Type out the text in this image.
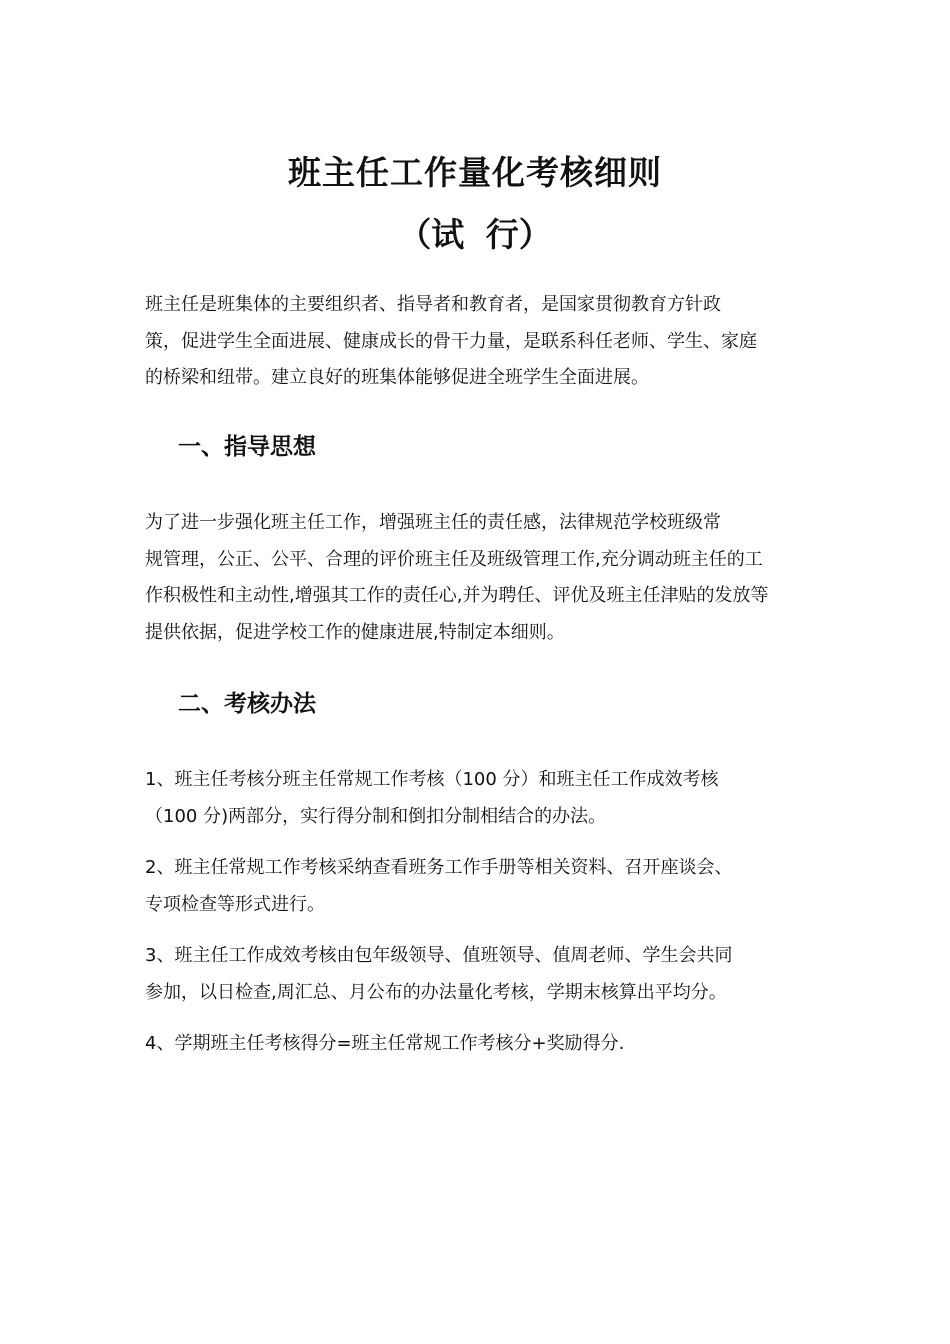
班主任工作量化考核细则
（试 行）

班主任是班集体的主要组织者、指导者和教育者，是国家贯彻教育方针政
策，促进学生全面进展、健康成长的骨干力量，是联系科任老师、学生、家庭
的桥梁和纽带。建立良好的班集体能够促进全班学生全面进展。

一、指导思想

为了进一步强化班主任工作，增强班主任的责任感，法律规范学校班级常
规管理，公正、公平、合理的评价班主任及班级管理工作,充分调动班主任的工
作积极性和主动性,增强其工作的责任心,并为聘任、评优及班主任津贴的发放等
提供依据，促进学校工作的健康进展,特制定本细则。

二、考核办法

1、班主任考核分班主任常规工作考核（100 分）和班主任工作成效考核
（100 分)两部分，实行得分制和倒扣分制相结合的办法。

2、班主任常规工作考核采纳查看班务工作手册等相关资料、召开座谈会、
专项检查等形式进行。

3、班主任工作成效考核由包年级领导、值班领导、值周老师、学生会共同
参加，以日检查,周汇总、月公布的办法量化考核，学期末核算出平均分。

4、学期班主任考核得分=班主任常规工作考核分+奖励得分.
